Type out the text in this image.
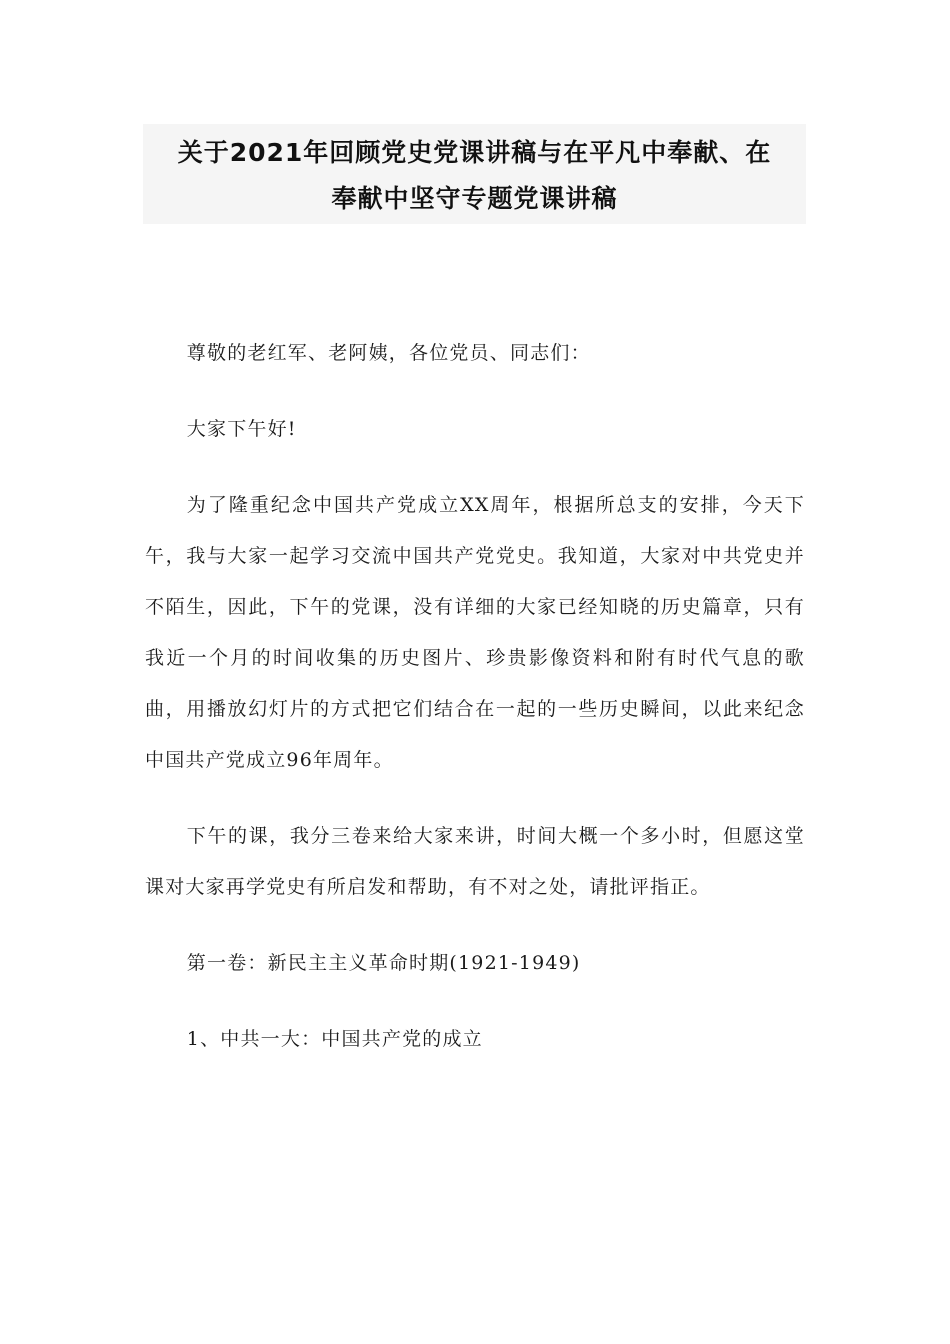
关于2021年回顾党史党课讲稿与在平凡中奉献、在
奉献中坚守专题党课讲稿

尊敬的老红军、老阿姨，各位党员、同志们：

大家下午好!

为了隆重纪念中国共产党成立XX周年，根据所总支的安排，今天下午，我与大家一起学习交流中国共产党党史。我知道，大家对中共党史并不陌生，因此，下午的党课，没有详细的大家已经知晓的历史篇章，只有我近一个月的时间收集的历史图片、珍贵影像资料和附有时代气息的歌曲，用播放幻灯片的方式把它们结合在一起的一些历史瞬间，以此来纪念中国共产党成立96年周年。

下午的课，我分三卷来给大家来讲，时间大概一个多小时，但愿这堂课对大家再学党史有所启发和帮助，有不对之处，请批评指正。

第一卷：新民主主义革命时期(1921-1949)

1、中共一大：中国共产党的成立
